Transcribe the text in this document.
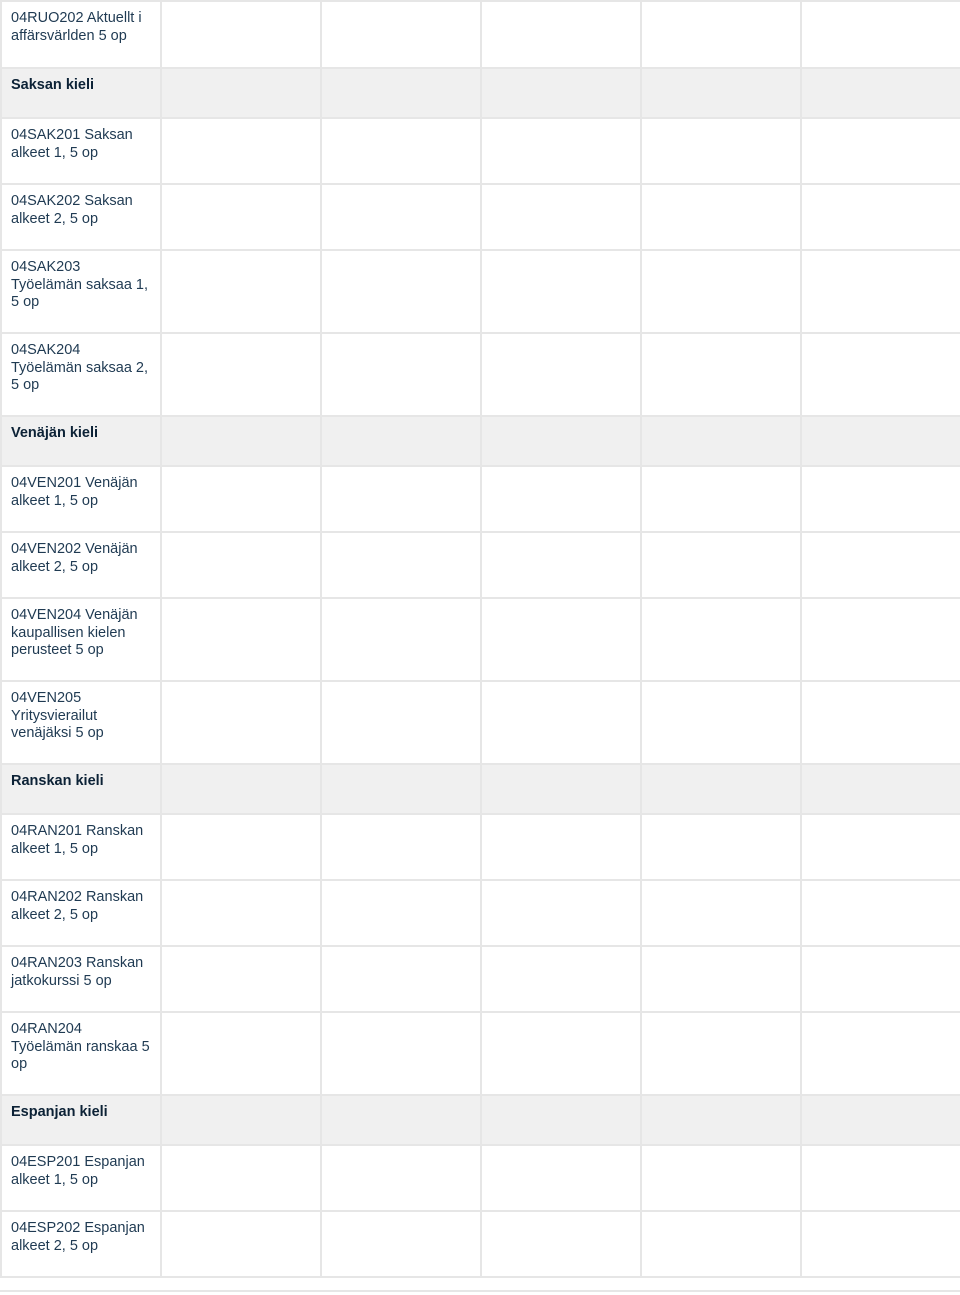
04RUO202 Aktuellt i affärsvärlden 5 op					
Saksan kieli					
04SAK201 Saksan alkeet 1, 5 op					
04SAK202 Saksan alkeet 2, 5 op					
04SAK203 Työelämän saksaa 1, 5 op					
04SAK204 Työelämän saksaa 2, 5 op					
Venäjän kieli					
04VEN201 Venäjän alkeet 1, 5 op					
04VEN202 Venäjän alkeet 2, 5 op					
04VEN204 Venäjän kaupallisen kielen perusteet 5 op					
04VEN205 Yritysvierailut venäjäksi 5 op					
Ranskan kieli					
04RAN201 Ranskan alkeet 1, 5 op					
04RAN202 Ranskan alkeet 2, 5 op					
04RAN203 Ranskan jatkokurssi 5 op					
04RAN204 Työelämän ranskaa 5 op					
Espanjan kieli					
04ESP201 Espanjan alkeet 1, 5 op					
04ESP202 Espanjan alkeet 2, 5 op					
